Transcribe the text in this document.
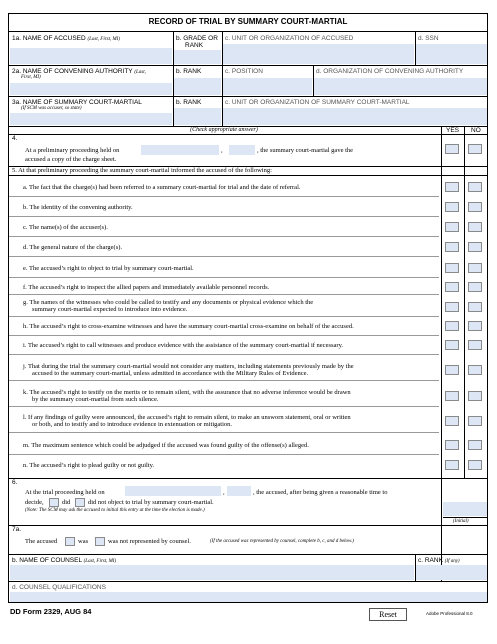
RECORD OF TRIAL BY SUMMARY COURT-MARTIAL
1a. NAME OF ACCUSED (Last, First, MI)	b. GRADE OR
RANK
c. UNIT OR ORGANIZATION OF ACCUSED	d. SSN
2a. NAME OF CONVENING AUTHORITY (Last,
First, MI)
b. RANK	c. POSITION	d. ORGANIZATION OF CONVENING AUTHORITY
3a. NAME OF SUMMARY COURT-MARTIAL
(If SCM was accuser, so state)
b. RANK	c. UNIT OR ORGANIZATION OF SUMMARY COURT-MARTIAL
(Check appropriate answer)	YES NO
4.
At a preliminary proceeding held on	,	, the summary court-martial gave the
accused a copy of the charge sheet.
5. At that preliminary proceeding the summary court-martial informed the accused of the following:
a. The fact that the charge(s) had been referred to a summary court-martial for trial and the date of referral.
b. The identity of the convening authority.
c. The name(s) of the accuser(s).
d. The general nature of the charge(s).
e. The accused’s right to object to trial by summary court-martial.
f. The accused’s right to inspect the allied papers and immediately available personnel records.
g. The names of the witnesses who could be called to testify and any documents or physical evidence which the
summary court-martial expected to introduce into evidence.
h. The accused’s right to cross-examine witnesses and have the summary court-martial cross-examine on behalf of the accused.
i. The accused’s right to call witnesses and produce evidence with the assistance of the summary court-martial if necessary.
j. That during the trial the summary court-martial would not consider any matters, including statements previously made by the
accused to the summary court-martial, unless admitted in accordance with the Military Rules of Evidence.
k. The accused’s right to testify on the merits or to remain silent, with the assurance that no adverse inference would be drawn
by the summary court-martial from such silence.
l. If any findings of guilty were announced, the accused’s right to remain silent, to make an unsworn statement, oral or written
or both, and to testify and to introduce evidence in extenuation or mitigation.
m. The maximum sentence which could be adjudged if the accused was found guilty of the offense(s) alleged.
n. The accused’s right to plead guilty or not guilty.
6.
At the trial proceeding held on	,	, the accused, after being given a reasonable time to
decide,	did	did not object to trial by summary court-martial.
(Note: The SCM may ask the accused to initial this entry at the time the election is made.)
(Initial)
7a.
The accused	was	was not represented by counsel.	(If the accused was represented by counsel, complete b, c, and d below.)
b. NAME OF COUNSEL (Last, First, MI)	c. RANK (If any)
d. COUNSEL QUALIFICATIONS
DD Form 2329, AUG 84	Reset	Adobe Professional 8.0
